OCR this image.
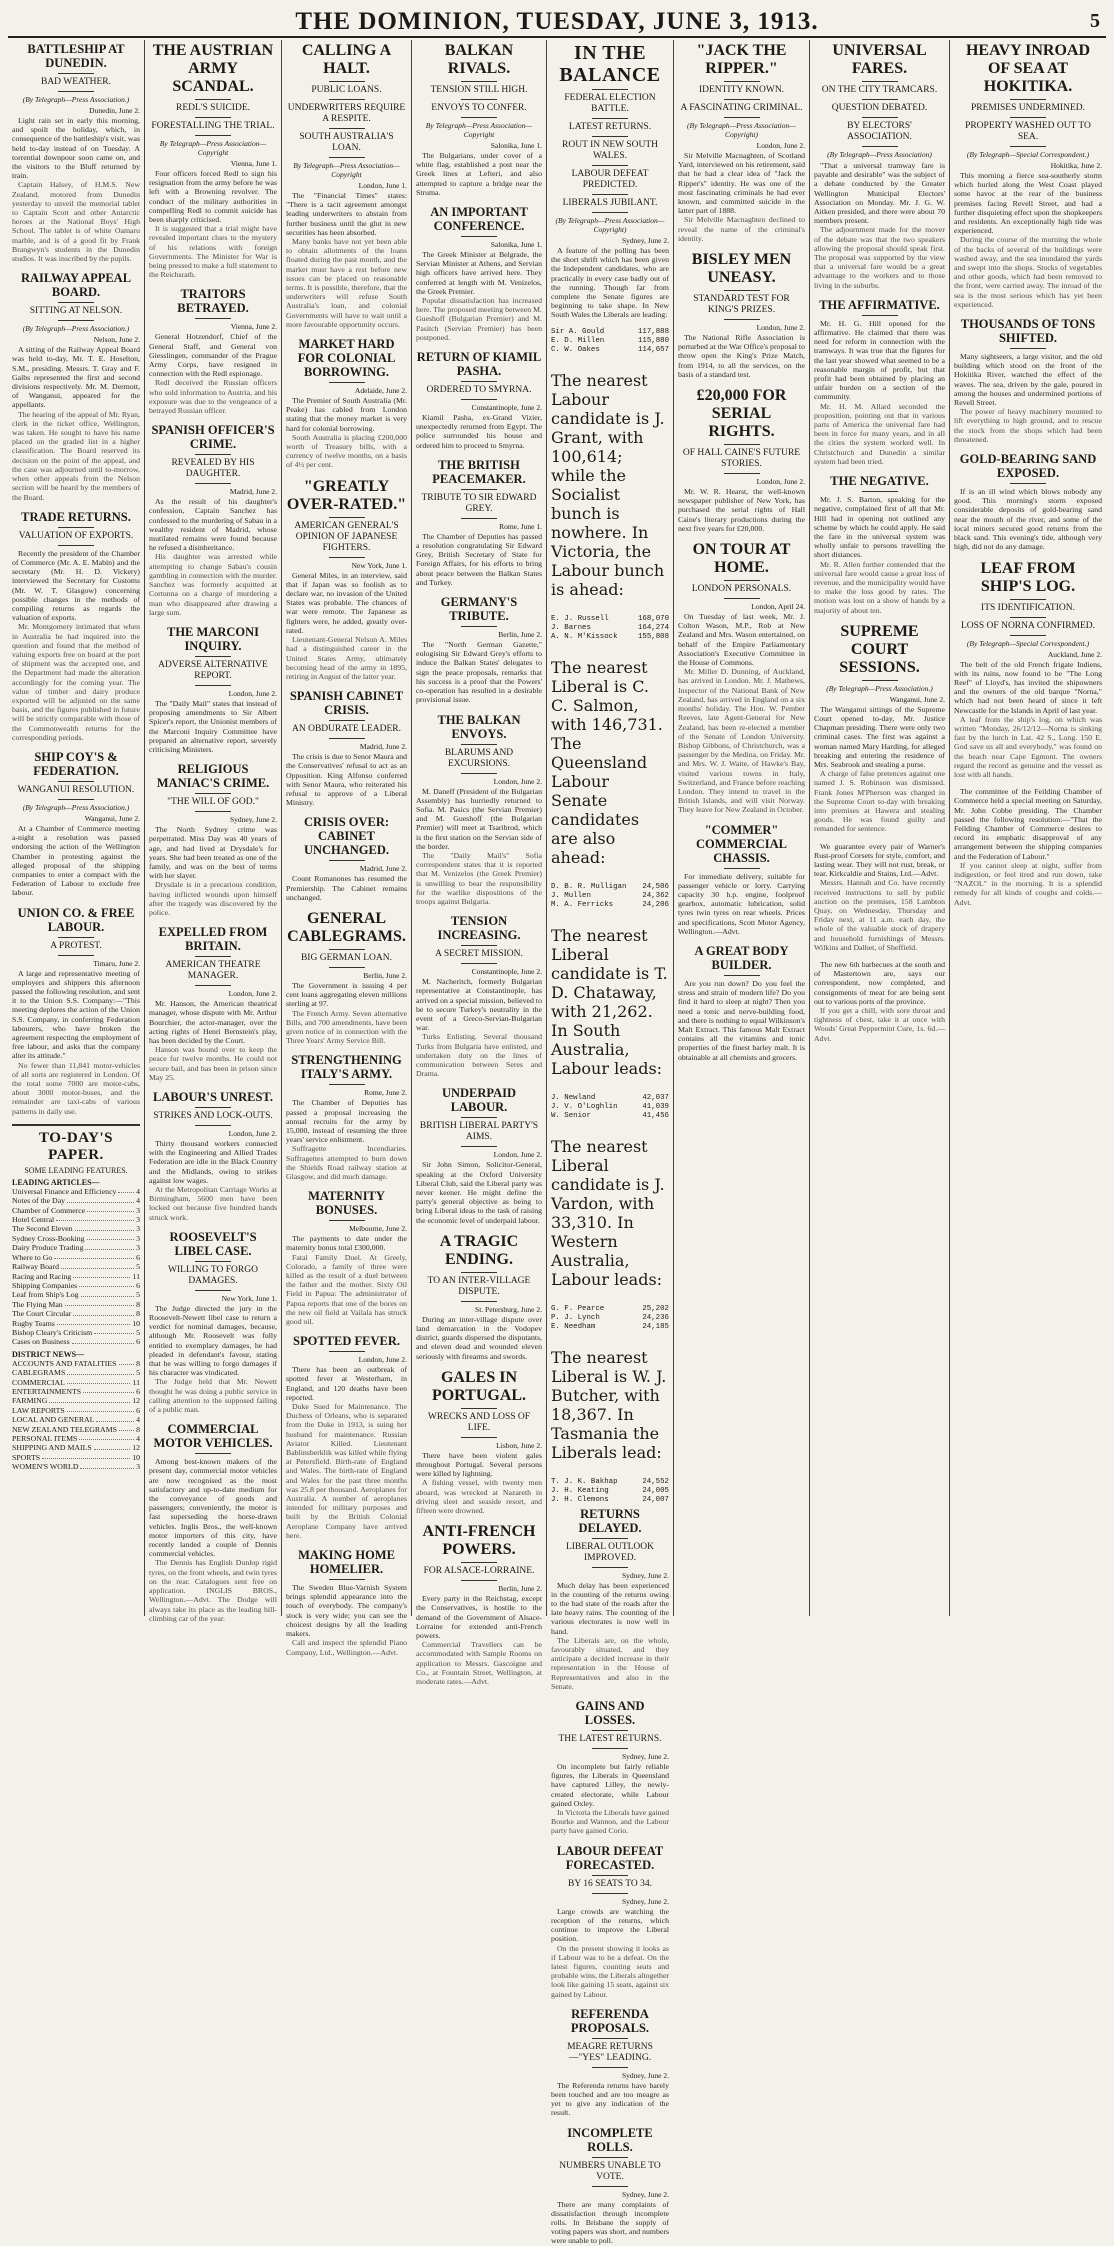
THE DOMINION, TUESDAY, JUNE 3, 1913.	5
BATTLESHIP AT DUNEDIN.
BAD WEATHER.
(By Telegraph—Press Association.)
Dunedin, June 2.

Light rain set in early this morning, and spoilt the holiday, which, in consequence of the battleship's visit, was held to-day instead of on Tuesday. A torrential downpour soon came on, and the visitors to the Bluff returned by train.

Captain Halsey, of H.M.S. New Zealand, motored from Dunedin yesterday to unveil the memorial tablet to Captain Scott and other Antarctic heroes at the National Boys' High School. The tablet is of white Oamaru marble, and is of a good fit by Frank Brangwyn's students in the Dunedin studios. It was inscribed by the pupils.

RAILWAY APPEAL BOARD.
SITTING AT NELSON.
(By Telegraph—Press Association.)
Nelson, June 2.

A sitting of the Railway Appeal Board was held to-day, Mr. T. E. Hoselton, S.M., presiding. Messrs. T. Gray and F. Gaibs represented the first and second divisions respectively. Mr. M. Dermott, of Wanganui, appeared for the appellants.

The hearing of the appeal of Mr. Ryan, clerk in the ticket office, Wellington, was taken. He sought to have his name placed on the graded list in a higher classification. The Board reserved its decision on the point of the appeal, and the case was adjourned until to-morrow, when other appeals from the Nelson section will be heard by the members of the Board.

TRADE RETURNS.
VALUATION OF EXPORTS.

Recently the president of the Chamber of Commerce (Mr. A. E. Mabin) and the secretary (Mr. H. D. Vickery) interviewed the Secretary for Customs (Mr. W. T. Glasgow) concerning possible changes in the methods of compiling returns as regards the valuation of exports.

Mr. Montgomery intimated that when in Australia he had inquired into the question and found that the method of valuing exports free on board at the port of shipment was the accepted one, and the Department had made the alteration accordingly for the coming year. The value of timber and dairy produce exported will be adjusted on the same basis, and the figures published in future will be strictly comparable with those of the Commonwealth returns for the corresponding periods.

SHIP COY'S & FEDERATION.
WANGANUI RESOLUTION.
(By Telegraph—Press Association.)
Wanganui, June 2.

At a Chamber of Commerce meeting a-night a resolution was passed endorsing the action of the Wellington Chamber in protesting against the alleged proposal of the shipping companies to enter a compact with the Federation of Labour to exclude free labour.

UNION CO. & FREE LABOUR.
A PROTEST.
Timaru, June 2.

A large and representative meeting of employers and shippers this afternoon passed the following resolution, and sent it to the Union S.S. Company:—"This meeting deplores the action of the Union S.S. Company, in conferring Federation labourers, who have broken the agreement respecting the employment of free labour, and asks that the company alter its attitude."

No fewer than 11,841 motor-vehicles of all sorts are registered in London. Of the total some 7000 are motor-cabs, about 3000 motor-buses, and the remainder are taxi-cabs of various patterns in daily use.

TO-DAY'S PAPER.
SOME LEADING FEATURES.
LEADING ARTICLES—
Universal Finance and Efficiency	4
Notes of the Day	4
Chamber of Commerce	3
Hotel Central	3
The Second Eleven	3
Sydney Cross-Booking	3
Dairy Produce Trading	3
Where to Go	6
Railway Board	5
Racing and Racing	11
Shipping Companies	6
Leaf from Ship's Log	5
The Flying Man	8
The Court Circular	8
Rugby Teams	10
Bishop Cleary's Criticism	5
Cases on Business	6
DISTRICT NEWS—
ACCOUNTS AND FATALITIES	8
CABLEGRAMS	5
COMMERCIAL	11
ENTERTAINMENTS	6
FARMING	12
LAW REPORTS	6
LOCAL AND GENERAL	4
NEW ZEALAND TELEGRAMS 8
PERSONAL ITEMS	4
SHIPPING AND MAILS	12
SPORTS	10
WOMEN'S WORLD	3
THE AUSTRIAN ARMY SCANDAL.
REDL'S SUICIDE.
FORESTALLING THE TRIAL.
By Telegraph—Press Association—Copyright
Vienna, June 1.

Four officers forced Redl to sign his resignation from the army before he was left with a Browning revolver. The conduct of the military authorities in compelling Redl to commit suicide has been sharply criticised.

It is suggested that a trial might have revealed important clues to the mystery of his relations with foreign Governments. The Minister for War is being pressed to make a full statement to the Reichsrath.

TRAITORS BETRAYED.
Vienna, June 2.

General Hotzendorf, Chief of the General Staff, and General von Giesslingen, commander of the Prague Army Corps, have resigned in connection with the Redl espionage.

Redl deceived the Russian officers who sold information to Austria, and his exposure was due to the vengeance of a betrayed Russian officer.

SPANISH OFFICER'S CRIME.
REVEALED BY HIS DAUGHTER.
Madrid, June 2.

As the result of his daughter's confession, Captain Sanchez has confessed to the murdering of Sabau in a wealthy resident of Madrid, whose mutilated remains were found because he refused a disinheritance.

His daughter was arrested while attempting to change Sabau's cousin gambling in connection with the murder. Sanchez was formerly acquitted at Cortunna on a charge of murdering a man who disappeared after drawing a large sum.

THE MARCONI INQUIRY.
ADVERSE ALTERNATIVE REPORT.
London, June 2.

The "Daily Mail" states that instead of proposing amendments to Sir Albert Spicer's report, the Unionist members of the Marconi Inquiry Committee have prepared an alternative report, severely criticising Ministers.

RELIGIOUS MANIAC'S CRIME.
"THE WILL OF GOD."
Sydney, June 2.

The North Sydney crime was perpetrated. Miss Day was 40 years of age, and had lived at Drysdale's for years. She had been treated as one of the family, and was on the best of terms with her slayer.

Drysdale is in a precarious condition, having inflicted wounds upon himself after the tragedy was discovered by the police.

EXPELLED FROM BRITAIN.
AMERICAN THEATRE MANAGER.
London, June 2.

Mr. Hanson, the American theatrical manager, whose dispute with Mr. Arthur Bourchier, the actor-manager, over the acting rights of Henri Bernstein's play, has been decided by the Court.

Hanson was bound over to keep the peace for twelve months. He could not secure bail, and has been in prison since May 25.

LABOUR'S UNREST.
STRIKES AND LOCK-OUTS.
London, June 2.

Thirty thousand workers connected with the Engineering and Allied Trades Federation are idle in the Black Country and the Midlands, owing to strikes against low wages.

At the Metropolitan Carriage Works at Birmingham, 5600 men have been locked out because five hundred hands struck work.

ROOSEVELT'S LIBEL CASE.
WILLING TO FORGO DAMAGES.
New York, June 1.

The Judge directed the jury in the Roosevelt-Newett libel case to return a verdict for nominal damages, because, although Mr. Roosevelt was fully entitled to exemplary damages, he had pleaded in defendant's favour, stating that he was willing to forgo damages if his character was vindicated.

The Judge held that Mr. Newett thought he was doing a public service in calling attention to the supposed failing of a public man.

COMMERCIAL MOTOR VEHICLES.

Among best-known makers of the present day, commercial motor vehicles are now recognised as the most satisfactory and up-to-date medium for the conveyance of goods and passengers; conveniently, the motor is fast superseding the horse-drawn vehicles. Inglis Bros., the well-known motor importers of this city, have recently landed a couple of Dennis commercial vehicles.

The Dennis has English Dunlop rigid tyres, on the front wheels, and twin tyres on the rear. Catalogues sent free on application. INGLIS BROS., Wellington.—Advt. The Dodge will always take its place as the leading hill-climbing car of the year.

CALLING A HALT.
PUBLIC LOANS.
UNDERWRITERS REQUIRE A RESPITE.
SOUTH AUSTRALIA'S LOAN.
By Telegraph—Press Association—Copyright
London, June 1.

The "Financial Times" states: "There is a tacit agreement amongst leading underwriters to abstain from further business until the glut in new securities has been absorbed.

Many banks have not yet been able to obtain allotments of the loans floated during the past month, and the market must have a rest before new issues can be placed on reasonable terms. It is possible, therefore, that the underwriters will refuse South Australia's loan, and colonial Governments will have to wait until a more favourable opportunity occurs.

MARKET HARD FOR COLONIAL BORROWING.
Adelaide, June 2.

The Premier of South Australia (Mr. Peake) has cabled from London stating that the money market is very hard for colonial borrowing.

South Australia is placing £200,000 worth of Treasury bills, with a currency of twelve months, on a basis of 4½ per cent.

"GREATLY OVER-RATED."
AMERICAN GENERAL'S OPINION OF JAPANESE FIGHTERS.
New York, June 1.

General Miles, in an interview, said that if Japan was so foolish as to declare war, no invasion of the United States was probable. The chances of war were remote. The Japanese as fighters were, he added, greatly over-rated.

Lieutenant-General Nelson A. Miles had a distinguished career in the United States Army, ultimately becoming head of the army in 1895, retiring in August of the latter year.

SPANISH CABINET CRISIS.
AN OBDURATE LEADER.
Madrid, June 2.

The crisis is due to Senor Maura and the Conservatives' refusal to act as an Opposition. King Alfonso conferred with Senor Maura, who reiterated his refusal to approve of a Liberal Ministry.

CRISIS OVER: CABINET UNCHANGED.
Madrid, June 2.

Count Romanones has resumed the Premiership. The Cabinet remains unchanged.

GENERAL CABLEGRAMS.
BIG GERMAN LOAN.
Berlin, June 2.

The Government is issuing 4 per cent loans aggregating eleven millions sterling at 97.

The French Army. Seven alternative Bills, and 700 amendments, have been given notice of in connection with the Three Years' Army Service Bill.

STRENGTHENING ITALY'S ARMY.
Rome, June 2.

The Chamber of Deputies has passed a proposal increasing the annual recruits for the army by 15,000, instead of resuming the three years' service enlistment.

Suffragette Incendiaries. Suffragettes attempted to burn down the Shields Road railway station at Glasgow, and did much damage.

MATERNITY BONUSES.
Melbourne, June 2.

The payments to date under the maternity bonus total £300,000.

Fatal Family Duel. At Greely, Colorado, a family of three were killed as the result of a duel between the father and the mother. Sixty Oil Field in Papua: The administrator of Papua reports that one of the bores on the new oil field at Vailala has struck good oil.

SPOTTED FEVER.
London, June 2.

There has been an outbreak of spotted fever at Westerham, in England, and 120 deaths have been reported.

Duke Sued for Maintenance. The Duchess of Orleans, who is separated from the Duke in 1913, is suing her husband for maintenance. Russian Aviator Killed. Lieutenant Bablinsberklik was killed while flying at Petersfield. Birth-rate of England and Wales. The birth-rate of England and Wales for the past three months was 25.8 per thousand. Aeroplanes for Australia. A number of aeroplanes intended for military purposes and built by the British Colonial Aeroplane Company have arrived here.

MAKING HOME HOMELIER.

The Sweden Blue-Varnish System brings splendid appearance into the touch of everybody. The company's stock is very wide; you can see the choicest designs by all the leading makers.

Call and inspect the splendid Piano Company, Ltd., Wellington.—Advt.

BALKAN RIVALS.
TENSION STILL HIGH.
ENVOYS TO CONFER.
By Telegraph—Press Association—Copyright
Salonika, June 1.

The Bulgarians, under cover of a white flag, established a post near the Greek lines at Lefteri, and also attempted to capture a bridge near the Struma.

AN IMPORTANT CONFERENCE.
Salonika, June 1.

The Greek Minister at Belgrade, the Servian Minister at Athens, and Servian high officers have arrived here. They conferred at length with M. Venizelos, the Greek Premier.

Popular dissatisfaction has increased here. The proposed meeting between M. Gueshoff (Bulgarian Premier) and M. Pasitch (Servian Premier) has been postponed.

RETURN OF KIAMIL PASHA.
ORDERED TO SMYRNA.
Constantinople, June 2.

Kiamil Pasha, ex-Grand Vizier, unexpectedly returned from Egypt. The police surrounded his house and ordered him to proceed to Smyrna.

THE BRITISH PEACEMAKER.
TRIBUTE TO SIR EDWARD GREY.
Rome, June 1.

The Chamber of Deputies has passed a resolution congratulating Sir Edward Grey, British Secretary of State for Foreign Affairs, for his efforts to bring about peace between the Balkan States and Turkey.

GERMANY'S TRIBUTE.
Berlin, June 2.

The "North German Gazette," eulogising Sir Edward Grey's efforts to induce the Balkan States' delegates to sign the peace proposals, remarks that his success is a proof that the Powers' co-operation has resulted in a desirable provisional issue.

THE BALKAN ENVOYS.
BLARUMS AND EXCURSIONS.
London, June 2.

M. Daneff (President of the Bulgarian Assembly) has hurriedly returned to Sofia. M. Pasics (the Servian Premier) and M. Gueshoff (the Bulgarian Premier) will meet at Tsaribrod, which is the first station on the Servian side of the border.

The "Daily Mail's" Sofia correspondent states that it is reported that M. Venizelos (the Greek Premier) is unwilling to bear the responsibility for the warlike dispositions of the troops against Bulgaria.

TENSION INCREASING.
A SECRET MISSION.
Constantinople, June 2.

M. Nacheritch, formerly Bulgarian representative at Constantinople, has arrived on a special mission, believed to be to secure Turkey's neutrality in the event of a Greco-Servian-Bulgarian war.

Turks Enlisting. Several thousand Turks from Bulgaria have enlisted, and undertaken duty on the lines of communication between Seres and Drama.

UNDERPAID LABOUR.
BRITISH LIBERAL PARTY'S AIMS.
London, June 2.

Sir John Simon, Solicitor-General, speaking at the Oxford University Liberal Club, said the Liberal party was never keener. He might define the party's general objective as being to bring Liberal ideas to the task of raising the economic level of underpaid labour.

A TRAGIC ENDING.
TO AN INTER-VILLAGE DISPUTE.
St. Petersburg, June 2.

During an inter-village dispute over land demarcation in the Vodopev district, guards dispersed the disputants, and eleven dead and wounded eleven seriously with firearms and swords.

GALES IN PORTUGAL.
WRECKS AND LOSS OF LIFE.
Lisbon, June 2.

There have been violent gales throughout Portugal. Several persons were killed by lightning.

A fishing vessel, with twenty men aboard, was wrecked at Nazareth in driving sleet and seaside resort, and fifteen were drowned.

ANTI-FRENCH POWERS.
FOR ALSACE-LORRAINE.
Berlin, June 2.

Every party in the Reichstag, except the Conservatives, is hostile to the demand of the Government of Alsace-Lorraine for extended anti-French powers.

Commercial Travellers can be accommodated with Sample Rooms on application to Messrs. Gascoigne and Co., at Fountain Street, Wellington, at moderate rates.—Advt.

IN THE BALANCE
FEDERAL ELECTION BATTLE.
LATEST RETURNS.
ROUT IN NEW SOUTH WALES.
LABOUR DEFEAT PREDICTED.
LIBERALS JUBILANT.
(By Telegraph—Press Association—Copyright)
Sydney, June 2.

A feature of the polling has been the short shrift which has been given the Independent candidates, who are practically in every case badly out of the running. Though far from complete the Senate figures are beginning to take shape. In New South Wales the Liberals are leading:

Sir A. Gould	117,888
E. D. Millen	115,880
C. W. Oakes	114,657

The nearest Labour candidate is J. Grant, with 100,614; while the Socialist bunch is nowhere. In Victoria, the Labour bunch is ahead:

E. J. Russell	168,070
J. Barnes	164,274
A. N. M'Kissock	155,808

The nearest Liberal is C. C. Salmon, with 146,731. The Queensland Labour Senate candidates are also ahead:

D. B. R. Mulligan 24,506
J. Mullen	24,362
M. A. Ferricks	24,206

The nearest Liberal candidate is T. D. Chataway, with 21,262. In South Australia, Labour leads:

J. Newland	42,037
J. V. O'Loghlin	41,039
W. Senior	41,456

The nearest Liberal candidate is J. Vardon, with 33,310. In Western Australia, Labour leads:

G. F. Pearce	25,202
P. J. Lynch	24,236
E. Needham	24,185

The nearest Liberal is W. J. Butcher, with 18,367. In Tasmania the Liberals lead:

T. J. K. Bakhap	24,552
J. H. Keating	24,005
J. H. Clemons	24,007
RETURNS DELAYED.
LIBERAL OUTLOOK IMPROVED.
Sydney, June 2.

Much delay has been experienced in the counting of the returns owing to the bad state of the roads after the late heavy rains. The counting of the various electorates is now well in hand.

The Liberals are, on the whole, favourably situated, and they anticipate a decided increase in their representation in the House of Representatives and also in the Senate.

GAINS AND LOSSES.
THE LATEST RETURNS.
Sydney, June 2.

On incomplete but fairly reliable figures, the Liberals in Queensland have captured Lilley, the newly-created electorate, while Labour gained Oxley.

In Victoria the Liberals have gained Bourke and Wannon, and the Labour party have gained Corio.

LABOUR DEFEAT FORECASTED.
BY 16 SEATS TO 34.
Sydney, June 2.

Large crowds are watching the reception of the returns, which continue to improve the Liberal position.

On the present showing it looks as if Labour was to be a defeat. On the latest figures, counting seats and probable wins, the Liberals altogether look like gaining 15 seats, against six gained by Labour.

REFERENDA PROPOSALS.
MEAGRE RETURNS—"YES" LEADING.
Sydney, June 2.

The Referenda returns have barely been touched and are too meagre as yet to give any indication of the result.

INCOMPLETE ROLLS.
NUMBERS UNABLE TO VOTE.
Sydney, June 2.

There are many complaints of dissatisfaction through incomplete rolls. In Brisbane the supply of voting papers was short, and numbers were unable to poll.

"JACK THE RIPPER."
IDENTITY KNOWN.
A FASCINATING CRIMINAL.
(By Telegraph—Press Association—Copyright)
London, June 2.

Sir Melville Macnaghten, of Scotland Yard, interviewed on his retirement, said that he had a clear idea of "Jack the Ripper's" identity. He was one of the most fascinating criminals he had ever known, and committed suicide in the latter part of 1888.

Sir Melville Macnaghten declined to reveal the name of the criminal's identity.

BISLEY MEN UNEASY.
STANDARD TEST FOR KING'S PRIZES.
London, June 2.

The National Rifle Association is perturbed at the War Office's proposal to throw open the King's Prize Match, from 1914, to all the services, on the basis of a standard test.

£20,000 FOR SERIAL RIGHTS.
OF HALL CAINE'S FUTURE STORIES.
London, June 2.

Mr. W. R. Hearst, the well-known newspaper publisher of New York, has purchased the serial rights of Hall Caine's literary productions during the next five years for £20,000.

ON TOUR AT HOME.
LONDON PERSONALS.
London, April 24.

On Tuesday of last week, Mr. J. Colton Wason, M.P., Rob at New Zealand and Mrs. Wason entertained, on behalf of the Empire Parliamentary Association's Executive Committee in the House of Commons.

Mr. Miller D. Dunning, of Auckland, has arrived in London. Mr. J. Mathews, Inspector of the National Bank of New Zealand, has arrived in England on a six months' holiday. The Hon. W. Pember Reeves, late Agent-General for New Zealand, has been re-elected a member of the Senate of London University. Bishop Gibbons, of Christchurch, was a passenger by the Medina, on Friday. Mr. and Mrs. W. J. Waite, of Hawke's Bay, visited various towns in Italy, Switzerland, and France before reaching London. They intend to travel in the British Islands, and will visit Norway. They leave for New Zealand in October.

"COMMER" COMMERCIAL CHASSIS.

For immediate delivery, suitable for passenger vehicle or lorry. Carrying capacity 30 h.p. engine, foolproof gearbox, automatic lubrication, solid tyres twin tyres on rear wheels. Prices and specifications, Scott Motor Agency, Wellington.—Advt.

A GREAT BODY BUILDER.

Are you run down? Do you feel the stress and strain of modern life? Do you find it hard to sleep at night? Then you need a tonic and nerve-building food, and there is nothing to equal Wilkinson's Malt Extract. This famous Malt Extract contains all the vitamins and tonic properties of the finest barley malt. It is obtainable at all chemists and grocers.

UNIVERSAL FARES.
ON THE CITY TRAMCARS.
QUESTION DEBATED.
BY ELECTORS' ASSOCIATION.
(By Telegraph—Press Association)

"That a universal tramway fare is payable and desirable" was the subject of a debate conducted by the Greater Wellington Municipal Electors' Association on Monday. Mr. J. G. W. Aitken presided, and there were about 70 members present.

The adjournment made for the mover of the debate was that the two speakers allowing the proposal should speak first. The proposal was supported by the view that a universal fare would be a great advantage to the workers and to those living in the suburbs.

THE AFFIRMATIVE.

Mr. H. G. Hill opened for the affirmative. He claimed that there was need for reform in connection with the tramways. It was true that the figures for the last year showed what seemed to be a reasonable margin of profit, but that profit had been obtained by placing an unfair burden on a section of the community.

Mr. H. M. Allard seconded the proposition, pointing out that in various parts of America the universal fare had been in force for many years, and in all the cities the system worked well. In Christchurch and Dunedin a similar system had been tried.

THE NEGATIVE.

Mr. J. S. Barton, speaking for the negative, complained first of all that Mr. Hill had in opening not outlined any scheme by which he could apply. He said the fare in the universal system was wholly unfair to persons travelling the short distances.

Mr. R. Allen further contended that the universal fare would cause a great loss of revenue, and the municipality would have to make the loss good by rates. The motion was lost on a show of hands by a majority of about ten.

SUPREME COURT SESSIONS.
(By Telegraph—Press Association.)
Wanganui, June 2.

The Wanganui sittings of the Supreme Court opened to-day, Mr. Justice Chapman presiding. There were only two criminal cases. The first was against a woman named Mary Harding, for alleged breaking and entering the residence of Mrs. Seabrook and stealing a purse.

A charge of false pretences against one named J. S. Robinson was dismissed. Frank Jones M'Pherson was charged in the Supreme Court to-day with breaking into premises at Hawera and stealing goods. He was found guilty and remanded for sentence.

We guarantee every pair of Warner's Rust-proof Corsets for style, comfort, and lasting wear. They will not rust, break, or tear. Kirkcaldie and Stains, Ltd.—Advt.

Messrs. Hannah and Co. have recently received instructions to sell by public auction on the premises, 158 Lambton Quay, on Wednesday, Thursday and Friday next, at 11 a.m. each day, the whole of the valuable stock of drapery and household furnishings of Messrs. Wilkins and Dalhet, of Sheffield.

The new 6th barbecues at the south and of Mastertown are, says our correspondent, now completed, and consignments of meat for are being sent out to various ports of the province.

If you get a chill, with sore throat and tightness of chest, take it at once with Woods' Great Peppermint Cure, 1s. 6d.—Advt.

HEAVY INROAD OF SEA AT HOKITIKA.
PREMISES UNDERMINED.
PROPERTY WASHED OUT TO SEA.
(By Telegraph—Special Correspondent.)
Hokitika, June 2.

This morning a fierce sea-southerly storm which hurled along the West Coast played some havoc at the rear of the business premises facing Revell Street, and had a further disquieting effect upon the shopkeepers and residents. An exceptionally high tide was experienced.

During the course of the morning the whole of the backs of several of the buildings were washed away, and the sea inundated the yards and swept into the shops. Stocks of vegetables and other goods, which had been removed to the front, were carried away. The inroad of the sea is the most serious which has yet been experienced.

THOUSANDS OF TONS SHIFTED.

Many sightseers, a large visitor, and the old building which stood on the front of the Hokitika River, watched the effect of the waves. The sea, driven by the gale, poured in among the houses and undermined portions of Revell Street.

The power of heavy machinery mounted to lift everything to high ground, and to rescue the stock from the shops which had been threatened.

GOLD-BEARING SAND EXPOSED.

If is an ill wind which blows nobody any good. This morning's storm exposed considerable deposits of gold-bearing sand near the mouth of the river, and some of the local miners secured good returns from the black sand. This evening's tide, although very high, did not do any damage.

LEAF FROM SHIP'S LOG.
ITS IDENTIFICATION.
LOSS OF NORNA CONFIRMED.
(By Telegraph—Special Correspondent.)
Auckland, June 2.

The belt of the old French frigate Indiens, with its ruins, now found to be "The Long Reef" of Lloyd's, has invited the shipowners and the owners of the old barque "Norna," which had not been heard of since it left Newcastle for the Islands in April of last year.

A leaf from the ship's log, on which was written "Monday, 26/12/12—Norna is sinking fast by the lurch in Lat. 42 S., Long. 150 E. God save us all and everybody," was found on the beach near Cape Egmont. The owners regard the record as genuine and the vessel as lost with all hands.

The committee of the Feilding Chamber of Commerce held a special meeting on Saturday, Mr. John Cobbe presiding. The Chamber passed the following resolution:—"That the Feilding Chamber of Commerce desires to record its emphatic disapproval of any arrangement between the shipping companies and the Federation of Labour."

If you cannot sleep at night, suffer from indigestion, or feel tired and run down, take "NAZOL" in the morning. It is a splendid remedy for all kinds of coughs and colds.—Advt.
